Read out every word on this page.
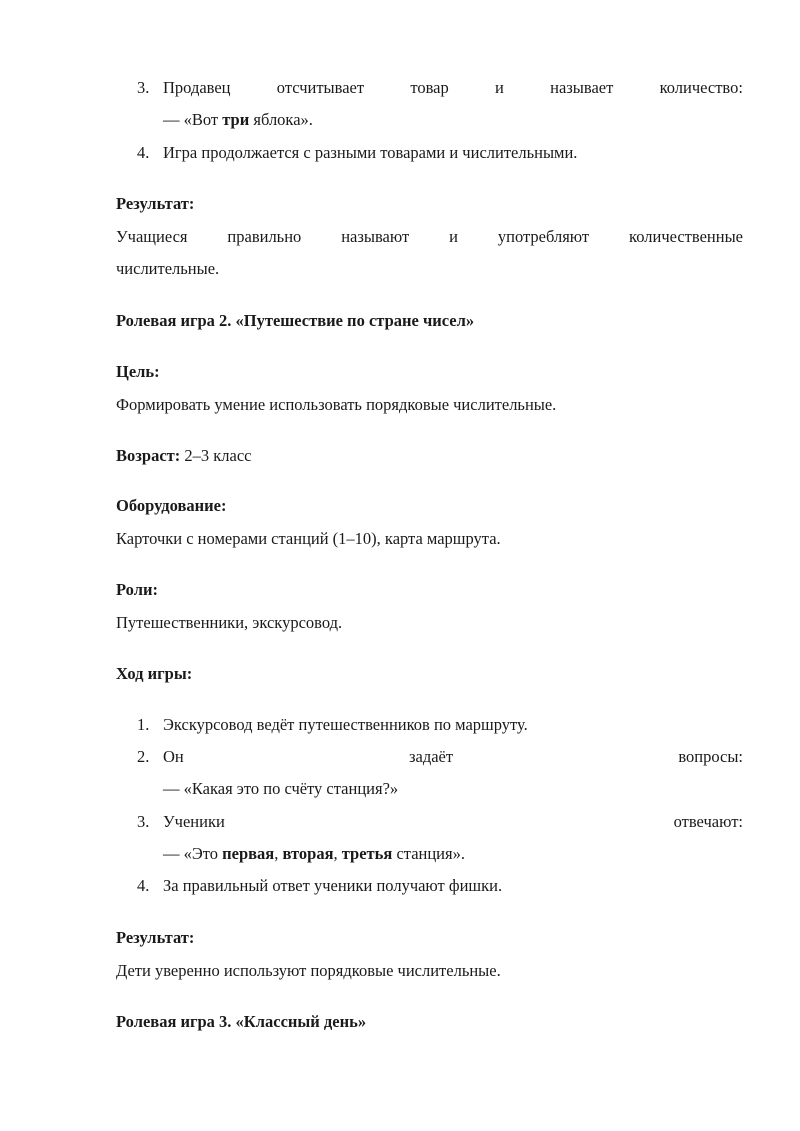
3. Продавец	отсчитывает	товар	и	называет	количество:
— «Вот три яблока».
4. Игра продолжается с разными товарами и числительными.
Результат:
Учащиеся правильно называют и употребляют количественные
числительные.
Ролевая игра 2. «Путешествие по стране чисел»
Цель:
Формировать умение использовать порядковые числительные.
Возраст: 2–3 класс
Оборудование:
Карточки с номерами станций (1–10), карта маршрута.
Роли:
Путешественники, экскурсовод.
Ход игры:
1. Экскурсовод ведёт путешественников по маршруту.
2. Он	задаёт	вопросы:
— «Какая это по счёту станция?»
3. Ученики	отвечают:
— «Это первая, вторая, третья станция».
4. За правильный ответ ученики получают фишки.
Результат:
Дети уверенно используют порядковые числительные.
Ролевая игра 3. «Классный день»
